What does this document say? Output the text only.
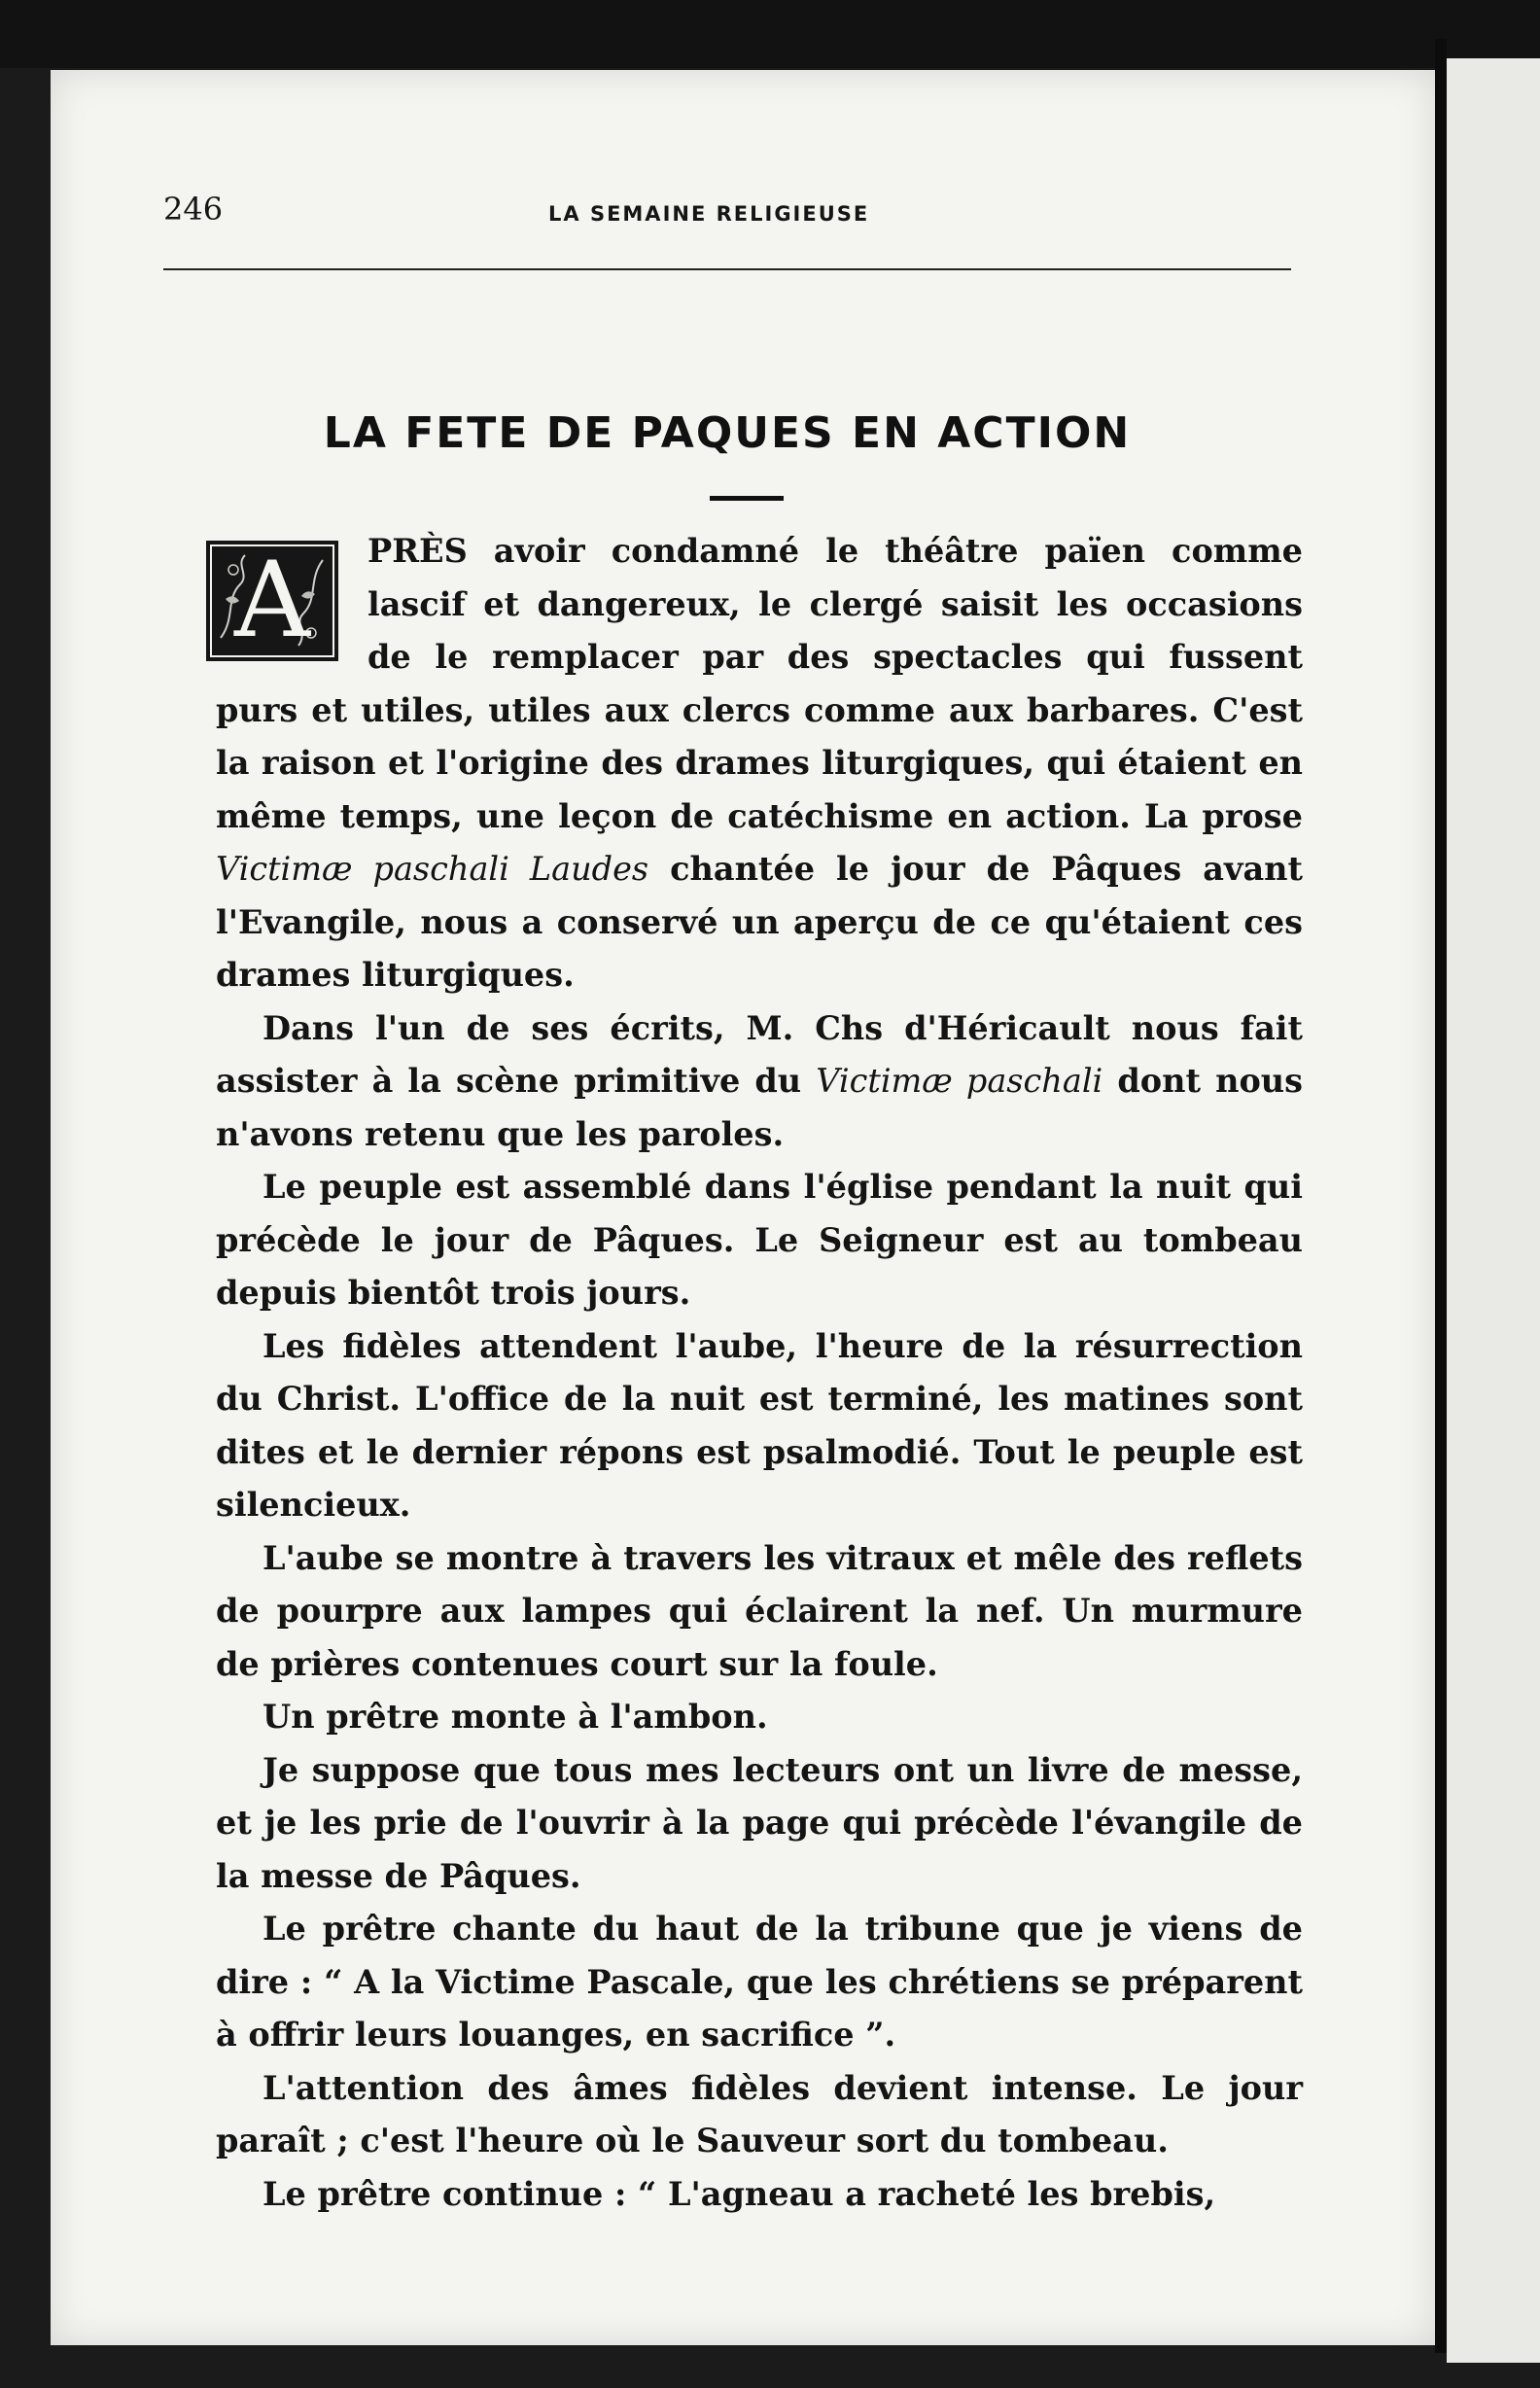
246	LA SEMAINE RELIGIEUSE
LA FETE DE PAQUES EN ACTION
A	PRÈS avoir condamné le théâtre païen comme
lascif et dangereux, le clergé saisit les occasions
de le remplacer par des spectacles qui fussent
purs et utiles, utiles aux clercs comme aux barbares. C'est la raison et l'origine des drames liturgiques, qui étaient en même temps, une leçon de catéchisme en action. La prose Victimæ paschali Laudes chantée le jour de Pâques avant l'Evangile, nous a conservé un aperçu de ce qu'étaient ces drames liturgiques.

Dans l'un de ses écrits, M. Chs d'Héricault nous fait assister à la scène primitive du Victimæ paschali dont nous n'avons retenu que les paroles.

Le peuple est assemblé dans l'église pendant la nuit qui précède le jour de Pâques. Le Seigneur est au tombeau depuis bientôt trois jours.

Les fidèles attendent l'aube, l'heure de la résurrection du Christ. L'office de la nuit est terminé, les matines sont dites et le dernier répons est psalmodié. Tout le peuple est silencieux.

L'aube se montre à travers les vitraux et mêle des reflets de pourpre aux lampes qui éclairent la nef. Un murmure de prières contenues court sur la foule.

Un prêtre monte à l'ambon.

Je suppose que tous mes lecteurs ont un livre de messe, et je les prie de l'ouvrir à la page qui précède l'évangile de la messe de Pâques.

Le prêtre chante du haut de la tribune que je viens de dire : “ A la Victime Pascale, que les chrétiens se préparent à offrir leurs louanges, en sacrifice ”.

L'attention des âmes fidèles devient intense. Le jour paraît ; c'est l'heure où le Sauveur sort du tombeau.

Le prêtre continue : “ L'agneau a racheté les brebis,
